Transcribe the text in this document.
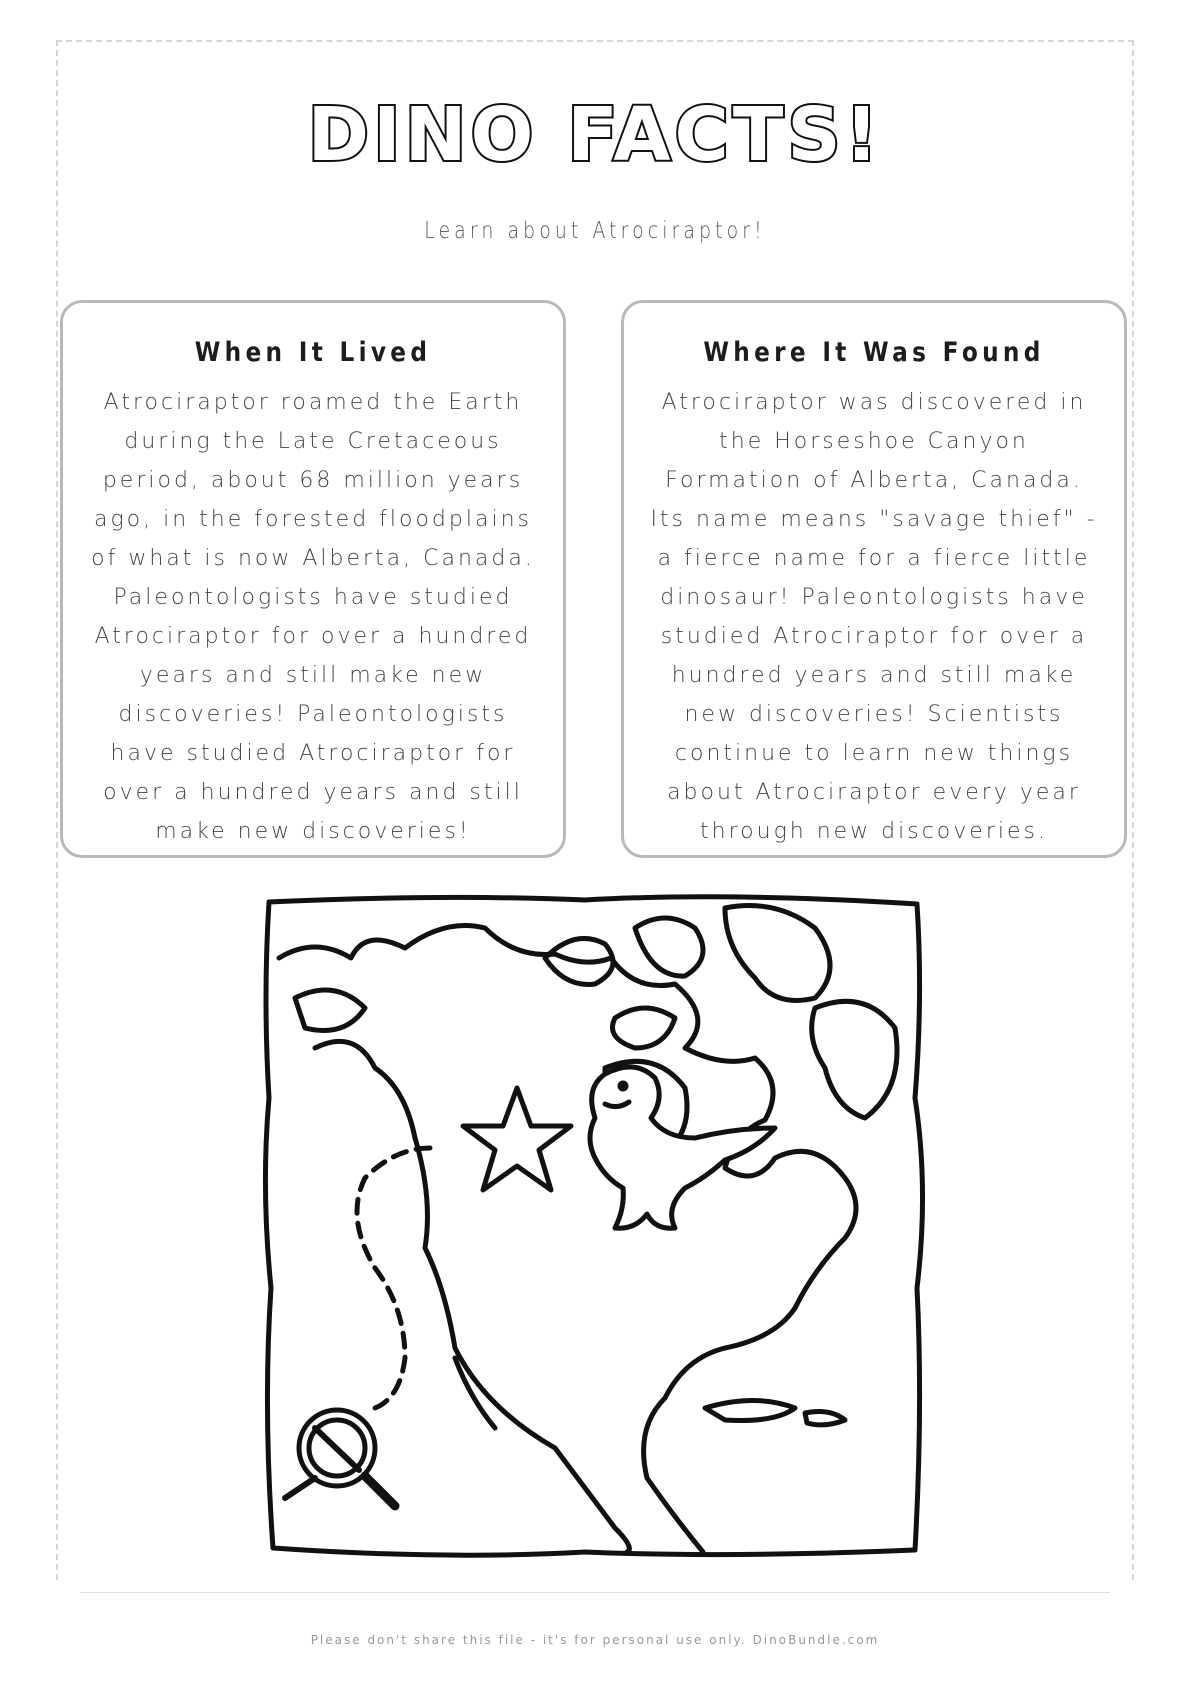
DINO FACTS!
Learn about Atrociraptor!
When It Lived

Atrociraptor roamed the Earth during the Late Cretaceous period, about 68 million years ago, in the forested floodplains of what is now Alberta, Canada. Paleontologists have studied Atrociraptor for over a hundred years and still make new discoveries! Paleontologists have studied Atrociraptor for over a hundred years and still make new discoveries!

Where It Was Found

Atrociraptor was discovered in the Horseshoe Canyon Formation of Alberta, Canada. Its name means "savage thief" - a fierce name for a fierce little dinosaur! Paleontologists have studied Atrociraptor for over a hundred years and still make new discoveries! Scientists continue to learn new things about Atrociraptor every year through new discoveries.

Please don't share this file - it's for personal use only. DinoBundle.com
